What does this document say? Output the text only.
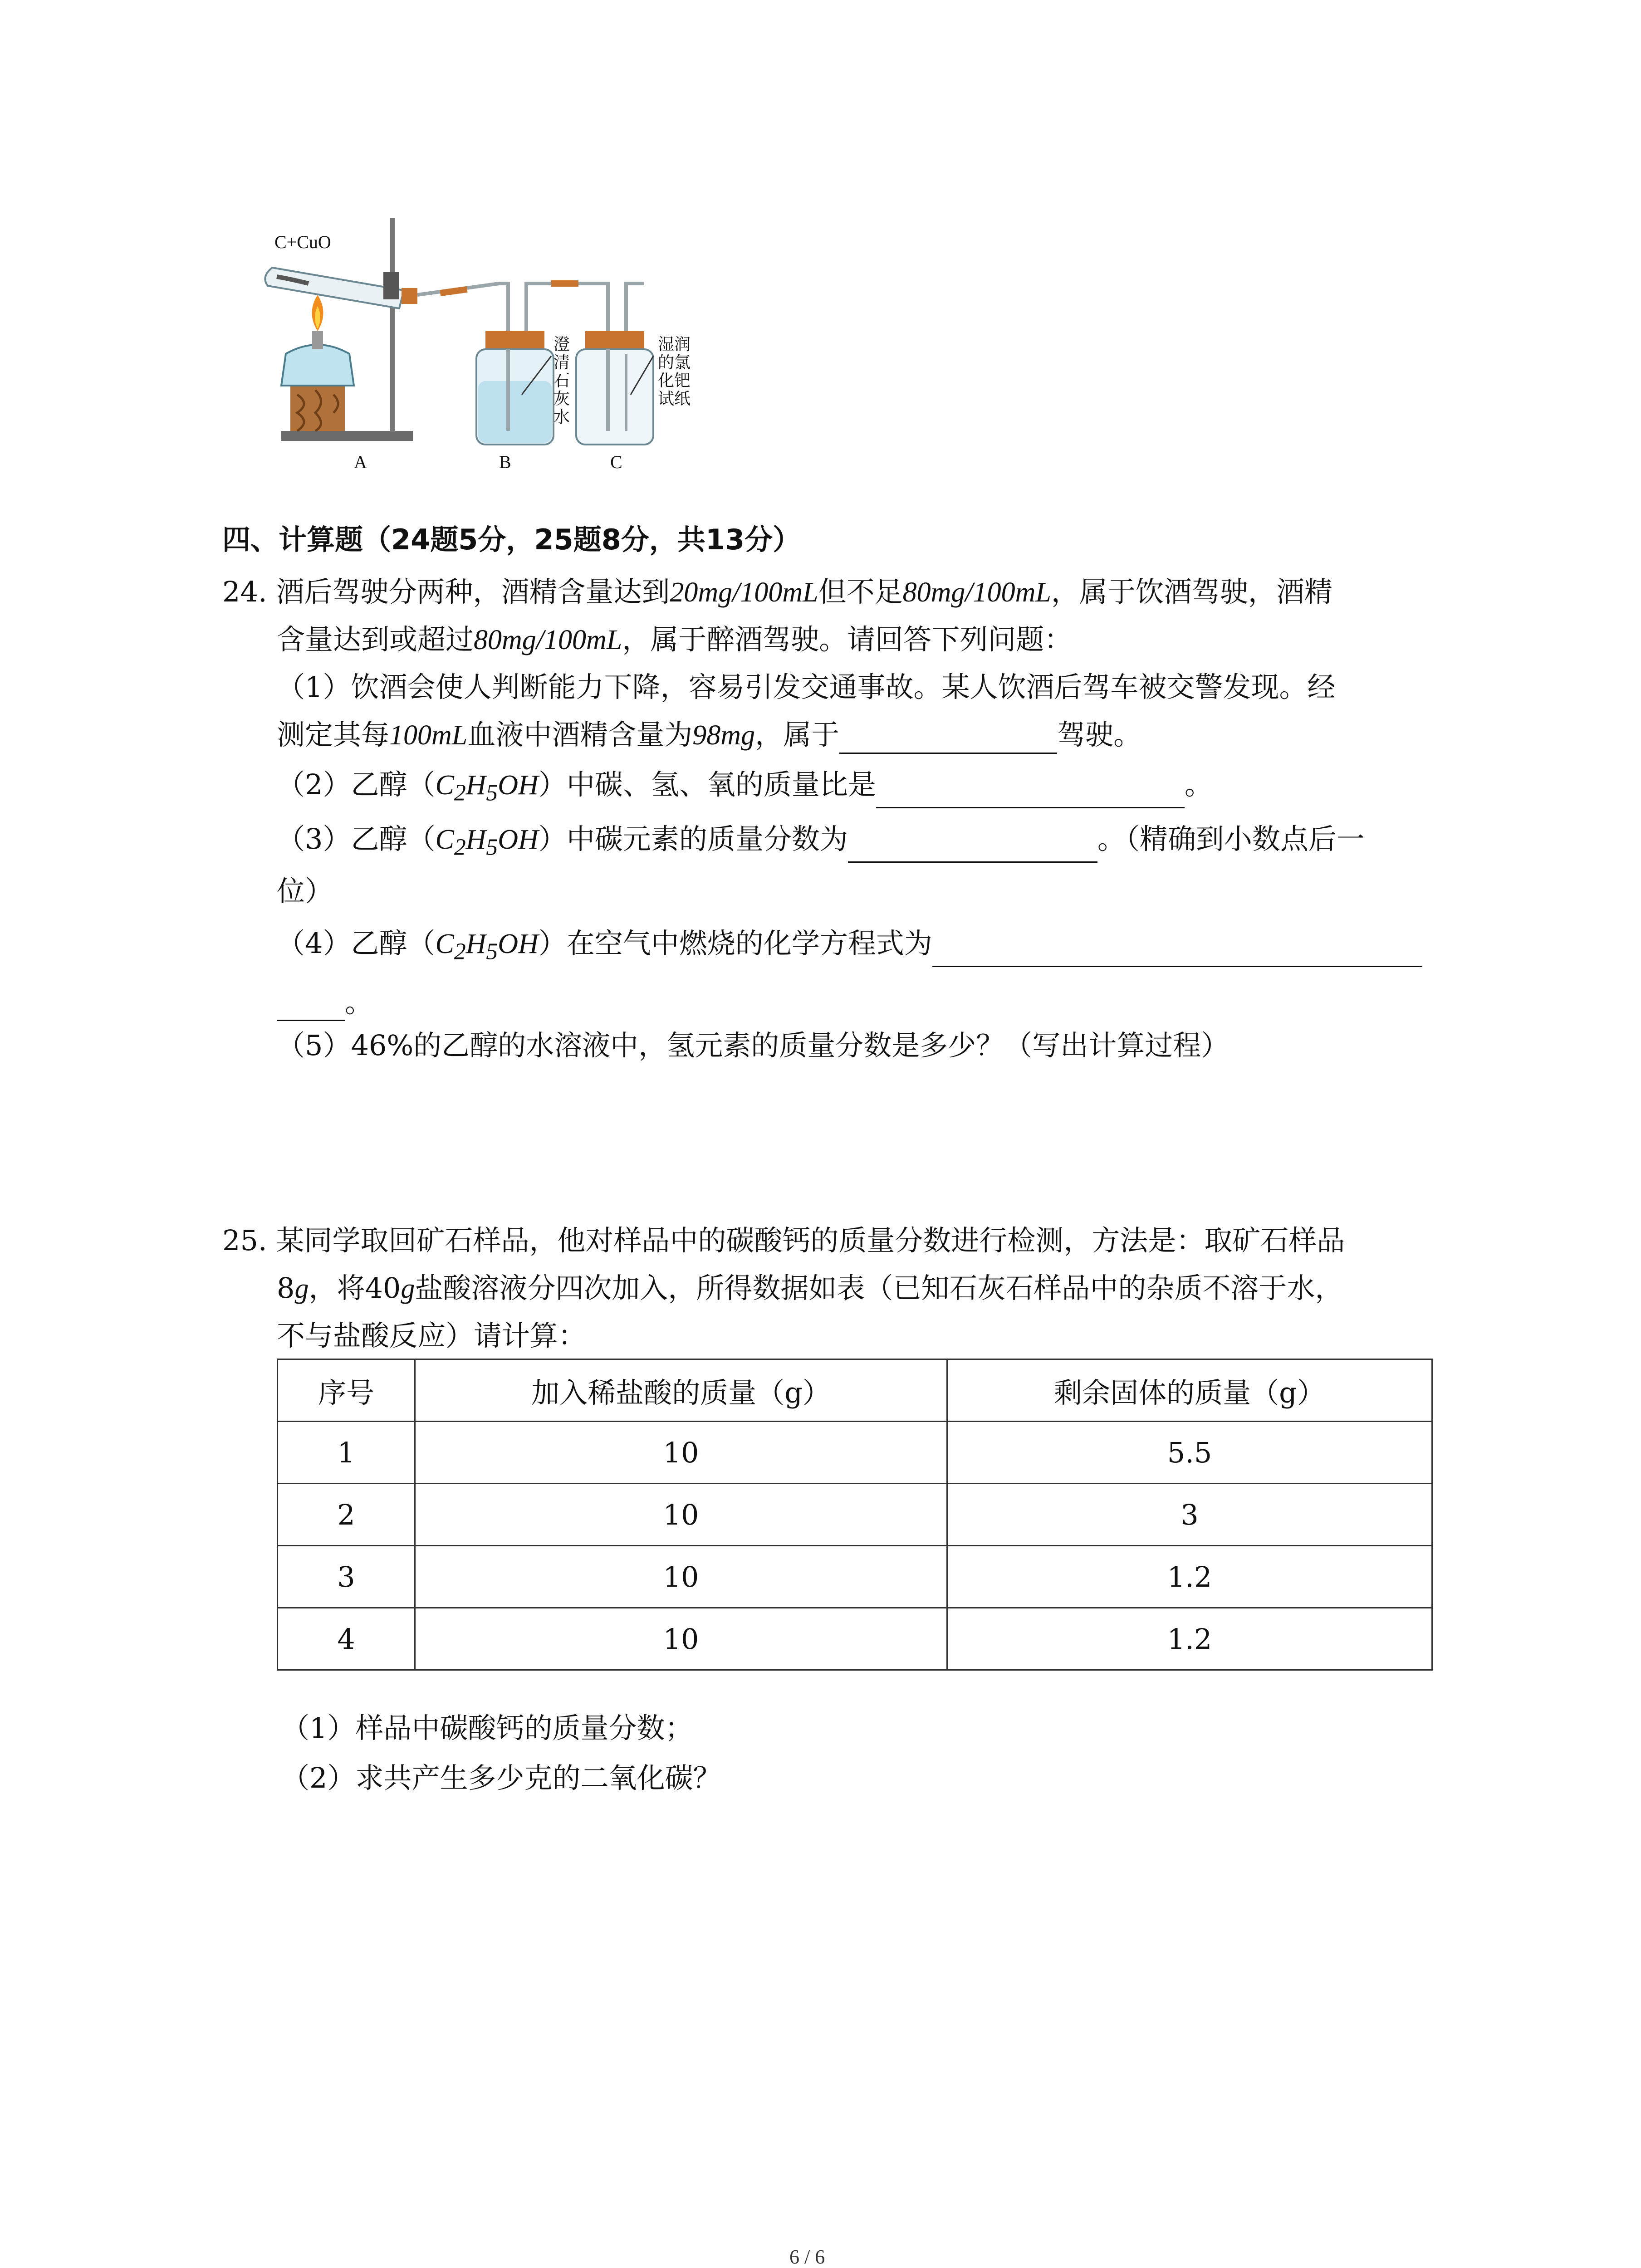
C+CuO
A	B	C
澄
清
石
灰
水
湿润
的氯
化钯
试纸
四、计算题（24题5分，25题8分，共13分）
24. 酒后驾驶分两种，酒精含量达到20mg/100mL但不足80mg/100mL，属于饮酒驾驶，酒精
含量达到或超过80mg/100mL，属于醉酒驾驶。请回答下列问题：
（1）饮酒会使人判断能力下降，容易引发交通事故。某人饮酒后驾车被交警发现。经
测定其每100mL血液中酒精含量为98mg，属于	驾驶。
（2）乙醇$(C_2H_5OH)$中碳、氢、氧的质量比是	。
（3）乙醇$(C_2H_5OH)$中碳元素的质量分数为	。（精确到小数点后一
位）
（4）乙醇$(C_2H_5OH)$在空气中燃烧的化学方程式为
。
（5）46%的乙醇的水溶液中，氢元素的质量分数是多少？（写出计算过程）
25. 某同学取回矿石样品，他对样品中的碳酸钙的质量分数进行检测，方法是：取矿石样品
8g，将40g盐酸溶液分四次加入，所得数据如表（已知石灰石样品中的杂质不溶于水，
不与盐酸反应）请计算：
序号	加入稀盐酸的质量（g）	剩余固体的质量（g）
1	10	5.5
2	10	3
3	10	1.2
4	10	1.2
（1）样品中碳酸钙的质量分数；
（2）求共产生多少克的二氧化碳？
6 / 6
